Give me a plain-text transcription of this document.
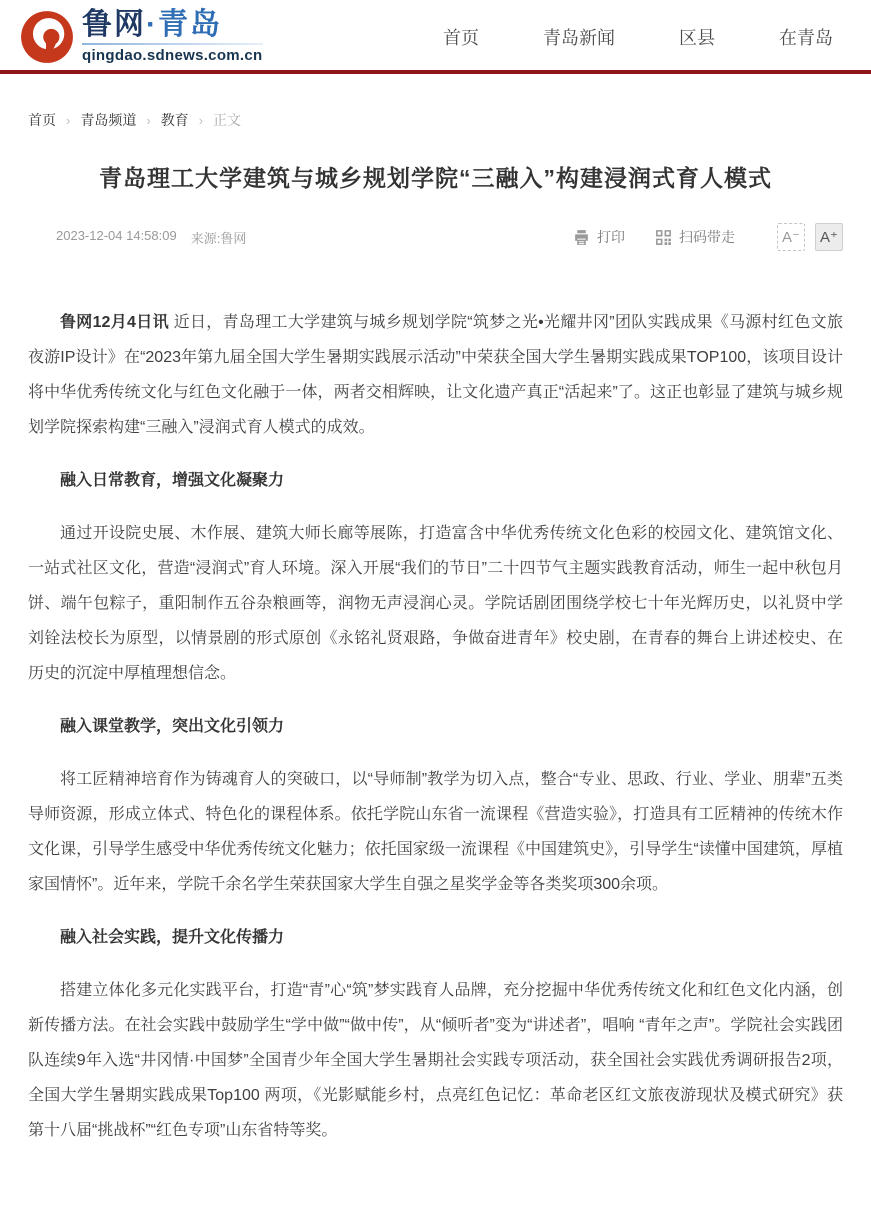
鲁网·青岛
qingdao.sdnews.com.cn
首页	青岛新闻	区县	在青岛
首页 › 青岛频道 › 教育 › 正文
青岛理工大学建筑与城乡规划学院“三融入”构建浸润式育人模式
2023-12-04 14:58:09 来源:鲁网	打印	扫码带走	A⁻	A⁺

鲁网12月4日讯 近日，青岛理工大学建筑与城乡规划学院“筑梦之光•光耀井冈”团队实践成果《马源村红色文旅夜游IP设计》在“2023年第九届全国大学生暑期实践展示活动”中荣获全国大学生暑期实践成果TOP100，该项目设计将中华优秀传统文化与红色文化融于一体，两者交相辉映，让文化遗产真正“活起来”了。这正也彰显了建筑与城乡规划学院探索构建“三融入”浸润式育人模式的成效。

融入日常教育，增强文化凝聚力

通过开设院史展、木作展、建筑大师长廊等展陈，打造富含中华优秀传统文化色彩的校园文化、建筑馆文化、一站式社区文化，营造“浸润式”育人环境。深入开展“我们的节日”二十四节气主题实践教育活动，师生一起中秋包月饼、端午包粽子，重阳制作五谷杂粮画等，润物无声浸润心灵。学院话剧团围绕学校七十年光辉历史，以礼贤中学刘铨法校长为原型，以情景剧的形式原创《永铭礼贤艰路，争做奋进青年》校史剧，在青春的舞台上讲述校史、在历史的沉淀中厚植理想信念。

融入课堂教学，突出文化引领力

将工匠精神培育作为铸魂育人的突破口，以“导师制”教学为切入点，整合“专业、思政、行业、学业、朋辈”五类导师资源，形成立体式、特色化的课程体系。依托学院山东省一流课程《营造实验》，打造具有工匠精神的传统木作文化课，引导学生感受中华优秀传统文化魅力；依托国家级一流课程《中国建筑史》，引导学生“读懂中国建筑，厚植家国情怀”。近年来，学院千余名学生荣获国家大学生自强之星奖学金等各类奖项300余项。

融入社会实践，提升文化传播力

搭建立体化多元化实践平台，打造“青”心“筑”梦实践育人品牌，充分挖掘中华优秀传统文化和红色文化内涵，创新传播方法。在社会实践中鼓励学生“学中做”“做中传”，从“倾听者”变为“讲述者”，唱响 “青年之声”。学院社会实践团队连续9年入选“井冈情·中国梦”全国青少年全国大学生暑期社会实践专项活动，获全国社会实践优秀调研报告2项，全国大学生暑期实践成果Top100 两项，《光影赋能乡村，点亮红色记忆：革命老区红文旅夜游现状及模式研究》获第十八届“挑战杯”“红色专项”山东省特等奖。
